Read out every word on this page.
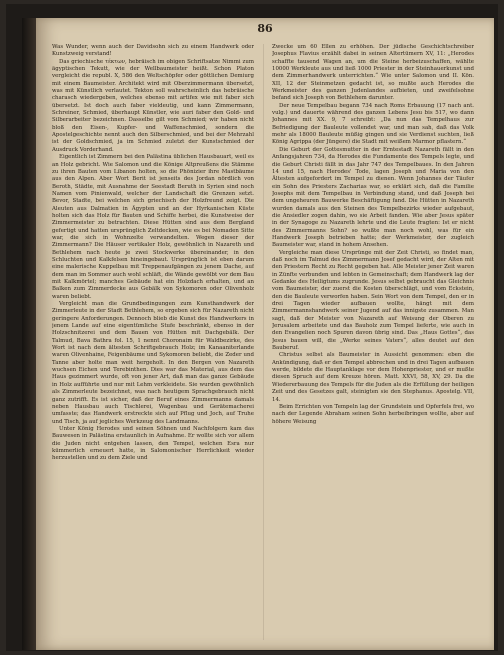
86

Was Wunder, wenn auch der Davidsohn sich zu einem Handwerk oder Kunstzweig verstand!

Das griechische τέκτων, hebräisch im obigen Schriftsatze Nimmi zum ägyptischen Tekutt, wie der Wellbaumeister heißt. Schon Platon vergleicht die republ. X, 586 den Weltschöpfer oder göttlichen Demiurg mit einem Baumeister. Architekt wird mit Oberzimmermann übersetzt, was mit Künstlich verlautet. Tekton soll wahrscheinlich das hebräische charasch wiedergeben, welches ebenso mit artifex wie mit faber sich übersetzt. Ist doch auch faber vieldeutig, und kann Zimmermann, Schreiner, Schmied, überhaupt Künstler, wie auri faber den Gold- und Silberarbeiter bezeichnen. Dasselbe gilt vom Schmied; wir haben nicht bloß den Eisen-, Kupfer- und Waffenschmied, sondern die Apostelgeschichte nennt auch den Silberschmied, und bei der Mehrzahl ist der Goldschmied, ja im Schmied zuletzt der Kunstschmied der Ausdruck Vorderhand.

Eigentlich ist Zimmern bei den Palästina üblichen Hausbauart, weil es an Holz gebricht. Wie Salomon und die Könige Altpreußens die Stämme zu ihren Bauten vom Libanon holten, so die Phönizier ihre Mastbäume aus den Alpen. Aber Wort Berit ist jenseits des Jordan nördlich von Beroth, Städte, mit Ausnahme der Seestadt Beruth in Syrien sind noch Namen vom Pinienwald, welcher der Landschaft die Grenzen setzt. Bevor, Stadte, bei welchen sich griechisch der Holzfreund zeigt. Die Aleuten aus Dalmatien in Ägypten und an der Hyrkanischen Küste holten sich das Holz für Bauten und Schiffe herbei, die Kunstweise der Zimmermeister zu betrachten. Diese Hütten sind aus dem Bergland gefertigt und hatten ursprünglich Zeltdecken, wie es bei Nomaden Sitte war, die sich in Wohnzelte verwandelten. Wegen dieser der Zimmermann? Die Häuser vertikaler Holz, gewöhnlich in Nazareth und Bethlehem nach heute je zwei Stockwerke übereinander, in den Schluchten und Kalkfelsen hineingebaut. Ursprünglich ist eben darum eine malerische Kuppelbau mit Treppenaufgängen zu jenem Dache, auf dem man im Sommer auch wohl schläft, die Wände gewölbt vor dem Bau mit Kalkmörtel; manches Gebäude hat ein Holzdach erhalten, und an Balken zum Zimmerdecke aus Gebälk von Sykomoren oder Olivenholz waren beliebt.

Vergleicht man die Grundbedingungen zum Kunsthandwerk der Zimmerleute in der Stadt Bethlehem, so ergeben sich für Nazareth nicht geringere Anforderungen. Dennoch blieb die Kunst des Handwerkers in jenem Lande auf eine eigentümliche Stufe beschränkt, ebenso in der Holzschnitzerei und dem Bauen von Hütten mit Dachgebälk. Der Talmud, Bava Bathra fol. 15, 1 nennt Choronaim für Waldbezirke, des Wort ist nach dem ältesten Schriftgebrauch Holz; im Kanaaniterlande waren Olivenhaine, Feigenbäume und Sykomoren beliebt, die Zeder und Tanne aber holte man weit hergeholt. In den Bergen von Nazareth wuchsen Eichen und Terebinthen. Dies war das Material, aus dem das Haus gezimmert wurde, oft von jener Art, daß man das ganze Gebäude in Holz aufführte und nur mit Lehm verkleidete. Sie wurden gewöhnlich als Zimmerleute bezeichnet, was nach heutigem Sprachgebrauch nicht ganz zutrifft. Es ist sicher, daß der Beruf eines Zimmermanns damals neben Hausbau auch Tischlerei, Wagenbau und Gerätemacherei umfasste; das Handwerk erstreckte sich auf Pflug und Joch, auf Truhe und Tisch, ja auf jegliches Werkzeug des Landmanns.

Unter König Herodes und seinen Söhnen und Nachfolgern kam das Bauwesen in Palästina erstaunlich in Aufnahme. Er wollte sich vor allem die Juden nicht entgehen lassen, den Tempel, welchen Esra nur kümmerlich erneuert hatte, in Salomonischer Herrlichkeit wieder herzustellen und zu dem Ziele und

Zwecke um 60 Ellen zu erhöhen. Der jüdische Geschichtschreiber Josephus Flavius erzählt dabei in seinen Altertümern XV, 11: „Herodes schaffte tausend Wagen an, um die Steine herbeizuschaffen, wählte 10000 Werkleute aus und ließ 1000 Priester in der Steinhauerkunst und dem Zimmerhandwerk unterrichten.“ Wie unter Salomon und II. Kön. XII, 12 der Steinmetzen gedacht ist, so mußte auch Herodes die Werkmeister des ganzen Judenlandes aufbieten, und zweifelsohne befand sich Joseph von Bethlehem darunter.

Der neue Tempelbau begann 734 nach Roms Erbauung (17 nach ant. vulg.) und dauerte während des ganzen Lebens Jesu bis 517, wo dann Johannes mit XX. 9, 7 schreibt: „Da nun das Tempelhaus zur Befriedigung der Bauleute vollendet war, und man sah, daß das Volk mehr als 18000 Bauleute müßig gingen und sie Verdienst suchten, ließ König Agrippa (der Jüngere) die Stadt mit weißem Marmor pflastern.“

Die Geburt der Gottesmutter in der Erntestadt Nazareth fällt in den Anfangsjahren 734, da Herodes die Fundamente des Tempels legte, und die Geburt Christi fällt in das Jahr 747 des Tempelbaues. In den Jahren 14 und 15, nach Herodes' Tode, lagen Joseph und Maria von den Ältesten aufgefordert im Tempel zu dienen. Wenn Johannes der Täufer ein Sohn des Priesters Zacharias war, so erklärt sich, daß die Familie Josephs mit dem Tempelbau in Verbindung stand, und daß Joseph bei dem ungeheuren Bauwerke Beschäftigung fand. Die Hütten in Nazareth wurden damals aus den Steinen des Tempelbezirks wieder aufgebaut, die Ansiedler zogen dahin, wo sie Arbeit fanden. Wie aber Jesus später in der Synagoge zu Nazareth lehrte und die Leute fragten: Ist er nicht des Zimmermanns Sohn? so wußte man noch wohl, was für ein Handwerk Joseph betrieben hatte; der Werkmeister, der zugleich Baumeister war, stand in hohem Ansehen.

Vergleiche man diese Ursprünge mit der Zeit Christi, so findet man, daß noch im Talmud des Zimmermann Josef gedacht wird, der Alten mit den Priestern Recht zu Recht gegeben hat. Alle Meister jener Zeit waren in Zünfte verbunden und lebten in Gemeinschaft; dem Handwerk lag der Gedanke des Heiligtums zugrunde. Jesus selbst gebraucht das Gleichnis vom Baumeister, der zuerst die Kosten überschlägt, und vom Eckstein, den die Bauleute verworfen haben. Sein Wort von dem Tempel, den er in drei Tagen wieder aufbauen wollte, hängt mit dem Zimmermannshandwerk seiner Jugend auf das innigste zusammen. Man sagt, daß der Meister von Nazareth auf Weisung der Oberen zu Jerusalem arbeitete und das Bauholz zum Tempel lieferte, wie auch in den Evangelien noch Spuren davon übrig sind. Das „Haus Gottes“, das Jesus bauen will, die „Werke seines Vaters“, alles deutet auf den Bauberuf.

Christus selbst als Baumeister in Aussicht genommen: eben die Ankündigung, daß er den Tempel abbrechen und in drei Tagen aufbauen werde, bildete die Hauptanklage vor dem Hohenpriester, und er mußte diesen Spruch auf dem Kreuze hören. Matt. XXVI, 58, XV, 29. Da die Wiedererbauung des Tempels für die Juden als die Erfüllung der heiligen Zeit und des Gesetzes galt, steinigten sie den Stephanus. Apostelg. VII, 14.

Beim Errichten von Tempeln lag der Grundstein und Opferfels frei, wo nach der Legende Abraham seinen Sohn herbeibringen wollte, aber auf höhere Weisung
